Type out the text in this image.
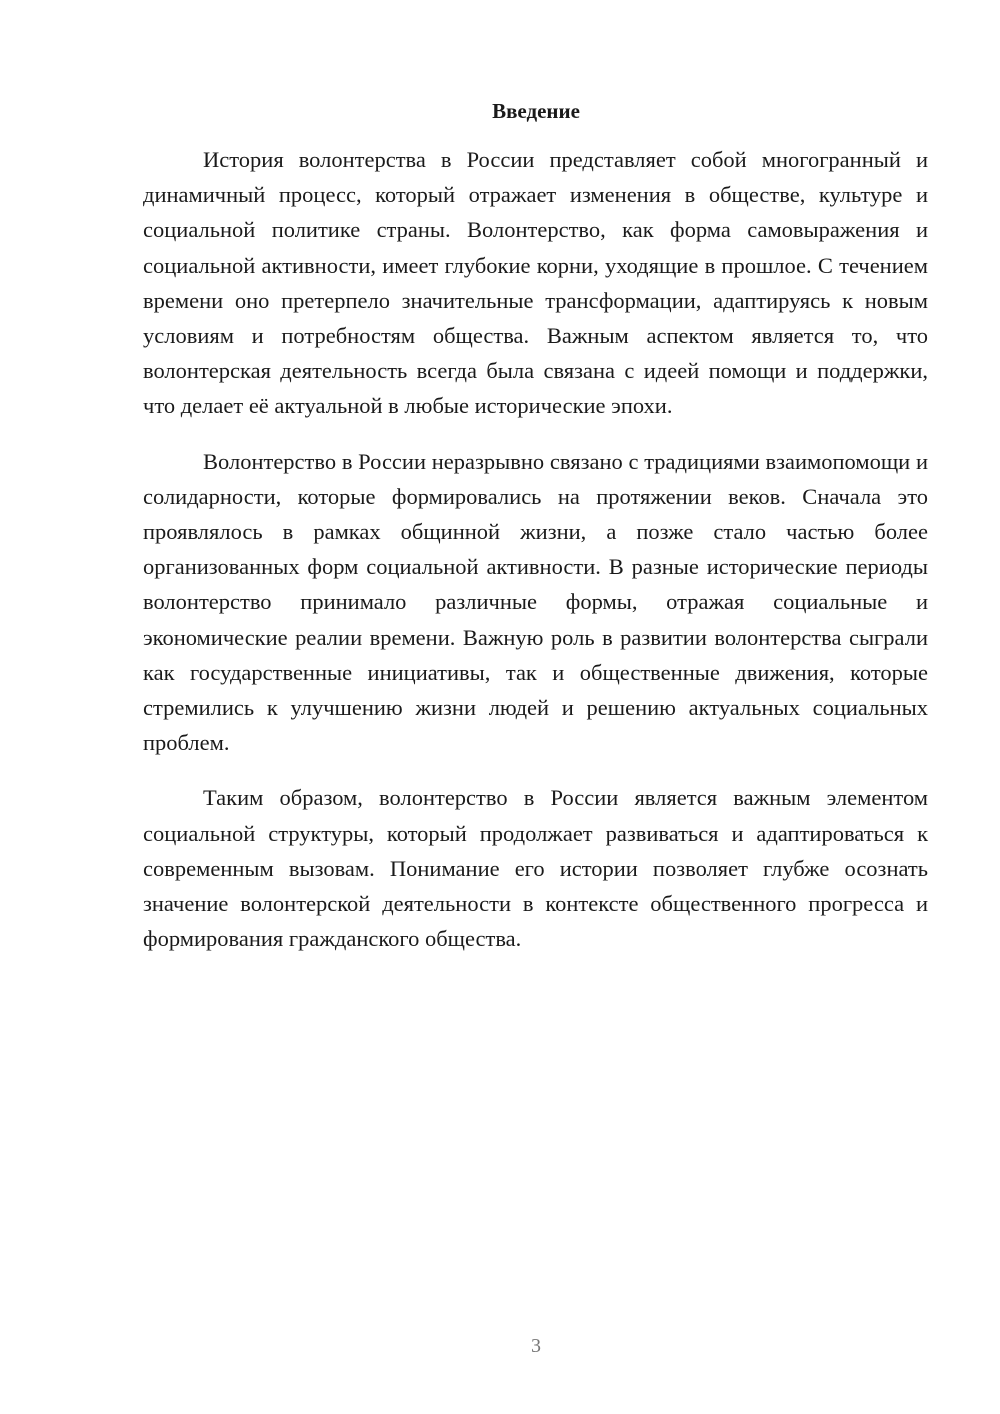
Введение

История волонтерства в России представляет собой многогранный и динамичный процесс, который отражает изменения в обществе, культуре и социальной политике страны. Волонтерство, как форма самовыражения и социальной активности, имеет глубокие корни, уходящие в прошлое. С течением времени оно претерпело значительные трансформации, адаптируясь к новым условиям и потребностям общества. Важным аспектом является то, что волонтерская деятельность всегда была связана с идеей помощи и поддержки, что делает её актуальной в любые исторические эпохи.

Волонтерство в России неразрывно связано с традициями взаимопомощи и солидарности, которые формировались на протяжении веков. Сначала это проявлялось в рамках общинной жизни, а позже стало частью более организованных форм социальной активности. В разные исторические периоды волонтерство принимало различные формы, отражая социальные и экономические реалии времени. Важную роль в развитии волонтерства сыграли как государственные инициативы, так и общественные движения, которые стремились к улучшению жизни людей и решению актуальных социальных проблем.

Таким образом, волонтерство в России является важным элементом социальной структуры, который продолжает развиваться и адаптироваться к современным вызовам. Понимание его истории позволяет глубже осознать значение волонтерской деятельности в контексте общественного прогресса и формирования гражданского общества.

3
